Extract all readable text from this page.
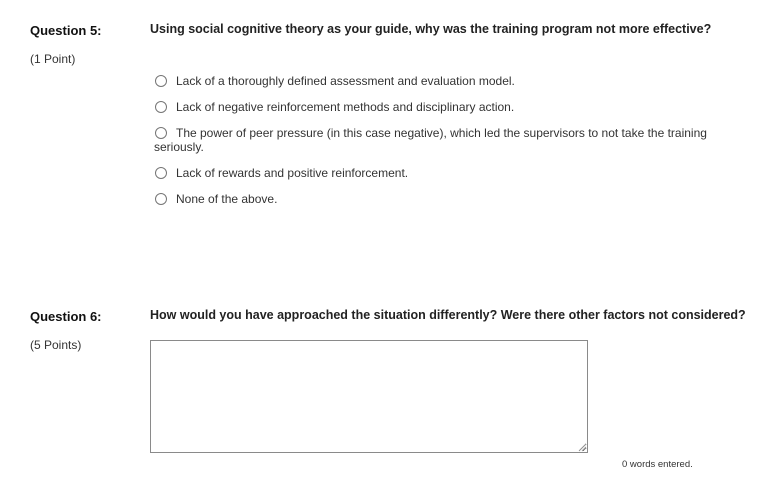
Question 5:
(1 Point)
Using social cognitive theory as your guide, why was the training program not more effective?
Lack of a thoroughly defined assessment and evaluation model.
Lack of negative reinforcement methods and disciplinary action.
The power of peer pressure (in this case negative), which led the supervisors to not take the training seriously.
Lack of rewards and positive reinforcement.
None of the above.
Question 6:
(5 Points)
How would you have approached the situation differently? Were there other factors not considered?
0 words entered.
